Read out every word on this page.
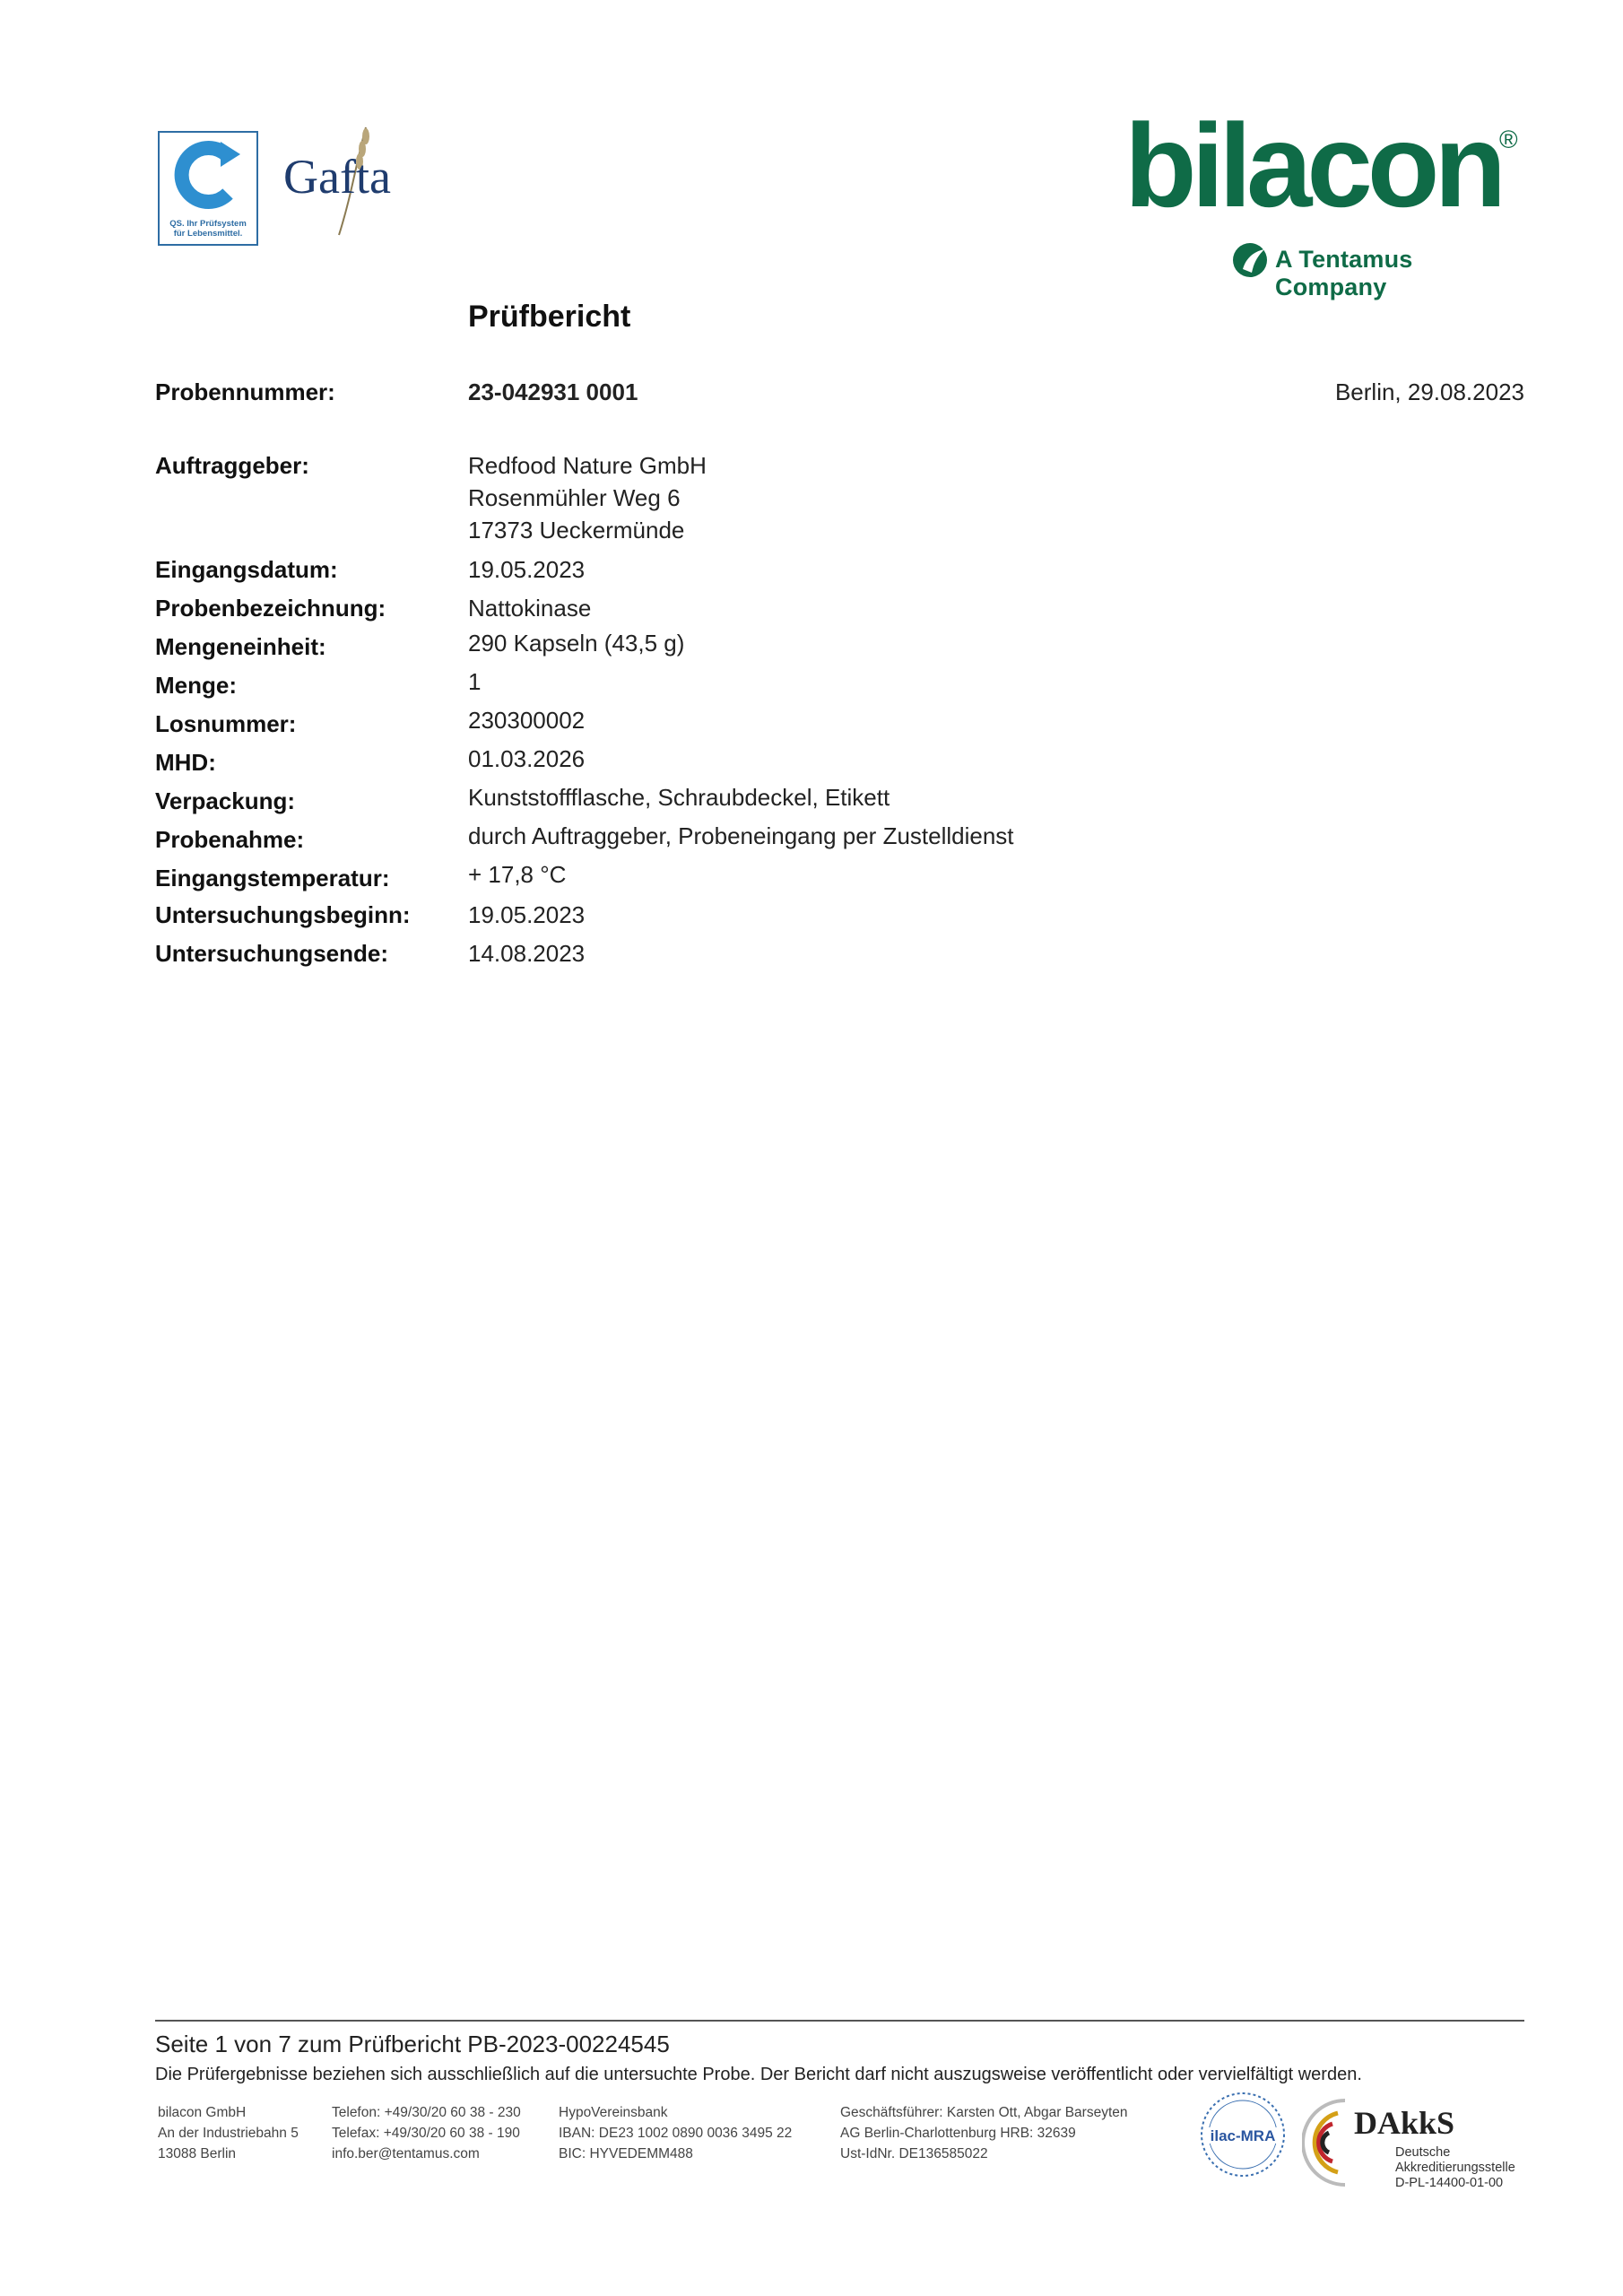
QS. Ihr Prüfsystem
für Lebensmittel.
Gafta	bilacon
®
A Tentamus Company
Prüfbericht
Probennummer:	23-042931 0001	Berlin, 29.08.2023
Auftraggeber:	Redfood Nature GmbH
Rosenmühler Weg 6
17373 Ueckermünde
Eingangsdatum:	19.05.2023
Probenbezeichnung:	Nattokinase
Mengeneinheit:	290 Kapseln (43,5 g)
Menge:	1
Losnummer:	230300002
MHD:	01.03.2026
Verpackung:	Kunststoffflasche, Schraubdeckel, Etikett
Probenahme:	durch Auftraggeber, Probeneingang per Zustelldienst
Eingangstemperatur:	+ 17,8 °C
Untersuchungsbeginn: 19.05.2023
Untersuchungsende:	14.08.2023
Seite 1 von 7 zum Prüfbericht PB-2023-00224545
Die Prüfergebnisse beziehen sich ausschließlich auf die untersuchte Probe. Der Bericht darf nicht auszugsweise veröffentlicht oder vervielfältigt werden.
bilacon GmbH
An der Industriebahn 5
13088 Berlin
Telefon: +49/30/20 60 38 - 230
Telefax: +49/30/20 60 38 - 190
info.ber@tentamus.com
HypoVereinsbank
IBAN: DE23 1002 0890 0036 3495 22
BIC: HYVEDEMM488
Geschäftsführer: Karsten Ott, Abgar Barseyten
AG Berlin-Charlottenburg HRB: 32639
Ust-IdNr. DE136585022
ilac-MRA DAkkS
Deutsche
Akkreditierungsstelle
D-PL-14400-01-00
